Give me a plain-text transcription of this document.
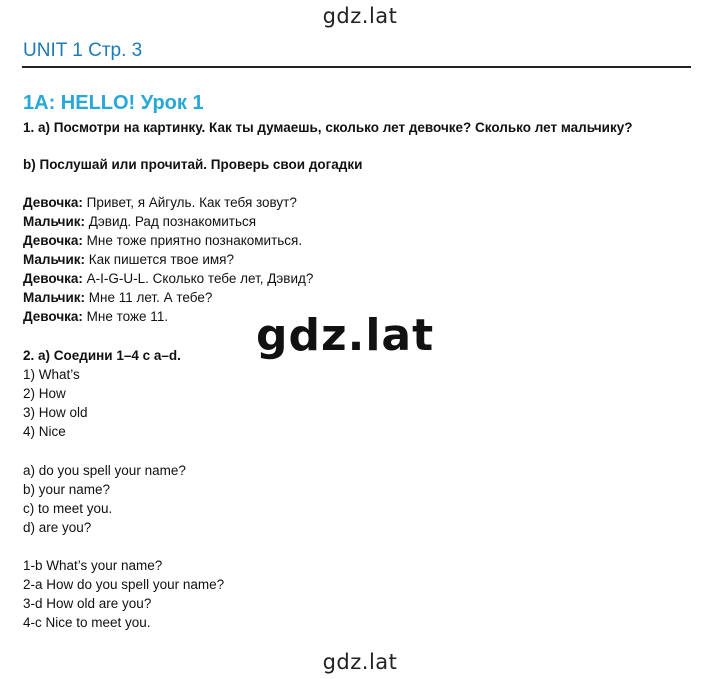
gdz.lat
UNIT 1 Стр. 3
1A: HELLO! Урок 1
1. a) Посмотри на картинку. Как ты думаешь, сколько лет девочке? Сколько лет мальчику?
b) Послушай или прочитай. Проверь свои догадки
Девочка: Привет, я Айгуль. Как тебя зовут?
Мальчик: Дэвид. Рад познакомиться
Девочка: Мне тоже приятно познакомиться.
Мальчик: Как пишется твое имя?
Девочка: A-I-G-U-L. Сколько тебе лет, Дэвид?
Мальчик: Мне 11 лет. А тебе?
Девочка: Мне тоже 11. gdz.lat
2. a) Соедини 1–4 с a–d.
1) What’s
2) How
3) How old
4) Nice
a) do you spell your name?
b) your name?
c) to meet you.
d) are you?
1-b What’s your name?
2-a How do you spell your name?
3-d How old are you?
4-c Nice to meet you.
gdz.lat
